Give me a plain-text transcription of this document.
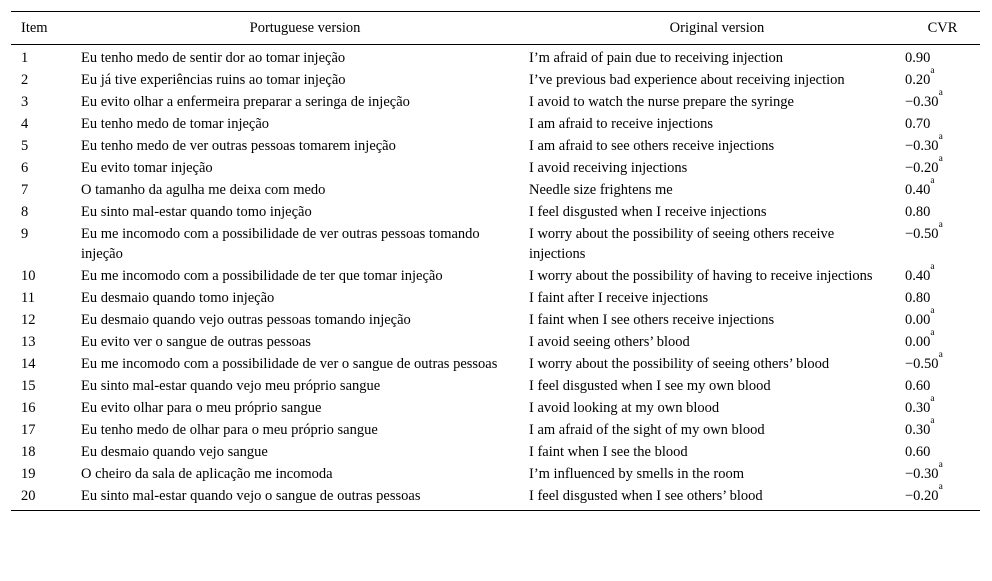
Item	Portuguese version	Original version	CVR
1	Eu tenho medo de sentir dor ao tomar injeção	I’m afraid of pain due to receiving injection	0.90
2	Eu já tive experiências ruins ao tomar injeção	I’ve previous bad experience about receiving injection	0.20$^a$
3	Eu evito olhar a enfermeira preparar a seringa de injeção	I avoid to watch the nurse prepare the syringe	−0.30$^a$
4	Eu tenho medo de tomar injeção	I am afraid to receive injections	0.70
5	Eu tenho medo de ver outras pessoas tomarem injeção	I am afraid to see others receive injections	−0.30$^a$
6	Eu evito tomar injeção	I avoid receiving injections	−0.20$^a$
7	O tamanho da agulha me deixa com medo	Needle size frightens me	0.40$^a$
8	Eu sinto mal-estar quando tomo injeção	I feel disgusted when I receive injections	0.80
9	Eu me incomodo com a possibilidade de ver outras pessoas tomando injeção	I worry about the possibility of seeing others receive injections	−0.50$^a$
10	Eu me incomodo com a possibilidade de ter que tomar injeção	I worry about the possibility of having to receive injections	0.40$^a$
11	Eu desmaio quando tomo injeção	I faint after I receive injections	0.80
12	Eu desmaio quando vejo outras pessoas tomando injeção	I faint when I see others receive injections	0.00$^a$
13	Eu evito ver o sangue de outras pessoas	I avoid seeing others’ blood	0.00$^a$
14	Eu me incomodo com a possibilidade de ver o sangue de outras pessoas	I worry about the possibility of seeing others’ blood	−0.50$^a$
15	Eu sinto mal-estar quando vejo meu próprio sangue	I feel disgusted when I see my own blood	0.60
16	Eu evito olhar para o meu próprio sangue	I avoid looking at my own blood	0.30$^a$
17	Eu tenho medo de olhar para o meu próprio sangue	I am afraid of the sight of my own blood	0.30$^a$
18	Eu desmaio quando vejo sangue	I faint when I see the blood	0.60
19	O cheiro da sala de aplicação me incomoda	I’m influenced by smells in the room	−0.30$^a$
20	Eu sinto mal-estar quando vejo o sangue de outras pessoas	I feel disgusted when I see others’ blood	−0.20$^a$
